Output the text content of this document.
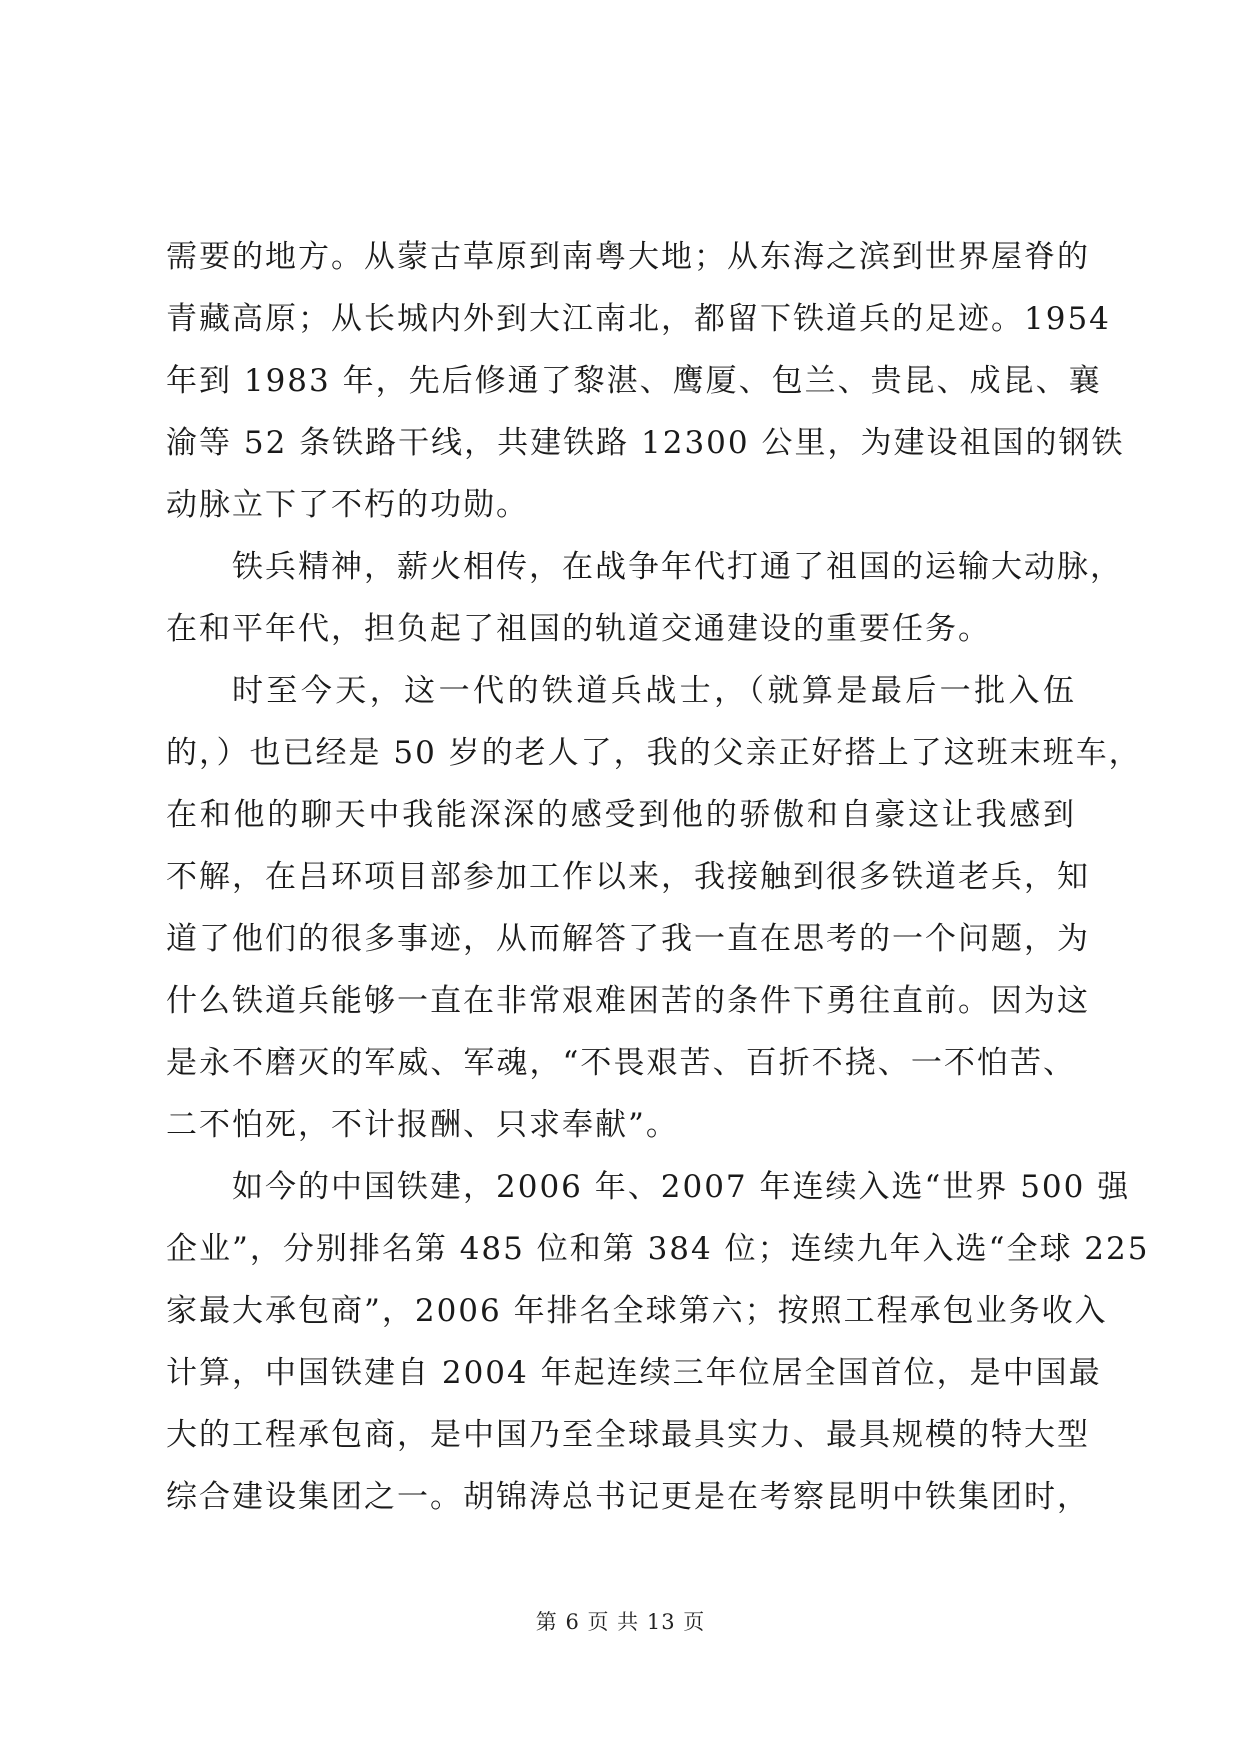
需要的地方。从蒙古草原到南粤大地；从东海之滨到世界屋脊的
青藏高原；从长城内外到大江南北，都留下铁道兵的足迹。1954
年到 1983 年，先后修通了黎湛、鹰厦、包兰、贵昆、成昆、襄
渝等 52 条铁路干线，共建铁路 12300 公里，为建设祖国的钢铁
动脉立下了不朽的功勋。
铁兵精神，薪火相传，在战争年代打通了祖国的运输大动脉，
在和平年代，担负起了祖国的轨道交通建设的重要任务。
时至今天，这一代的铁道兵战士，（就算是最后一批入伍
的，）也已经是 50 岁的老人了，我的父亲正好搭上了这班末班车，
在和他的聊天中我能深深的感受到他的骄傲和自豪这让我感到
不解，在吕环项目部参加工作以来，我接触到很多铁道老兵，知
道了他们的很多事迹，从而解答了我一直在思考的一个问题，为
什么铁道兵能够一直在非常艰难困苦的条件下勇往直前。因为这
是永不磨灭的军威、军魂，“不畏艰苦、百折不挠、一不怕苦、
二不怕死，不计报酬、只求奉献”。
如今的中国铁建，2006 年、2007 年连续入选“世界 500 强
企业”，分别排名第 485 位和第 384 位；连续九年入选“全球 225
家最大承包商”，2006 年排名全球第六；按照工程承包业务收入
计算，中国铁建自 2004 年起连续三年位居全国首位，是中国最
大的工程承包商，是中国乃至全球最具实力、最具规模的特大型
综合建设集团之一。胡锦涛总书记更是在考察昆明中铁集团时，
第 6 页 共 13 页
